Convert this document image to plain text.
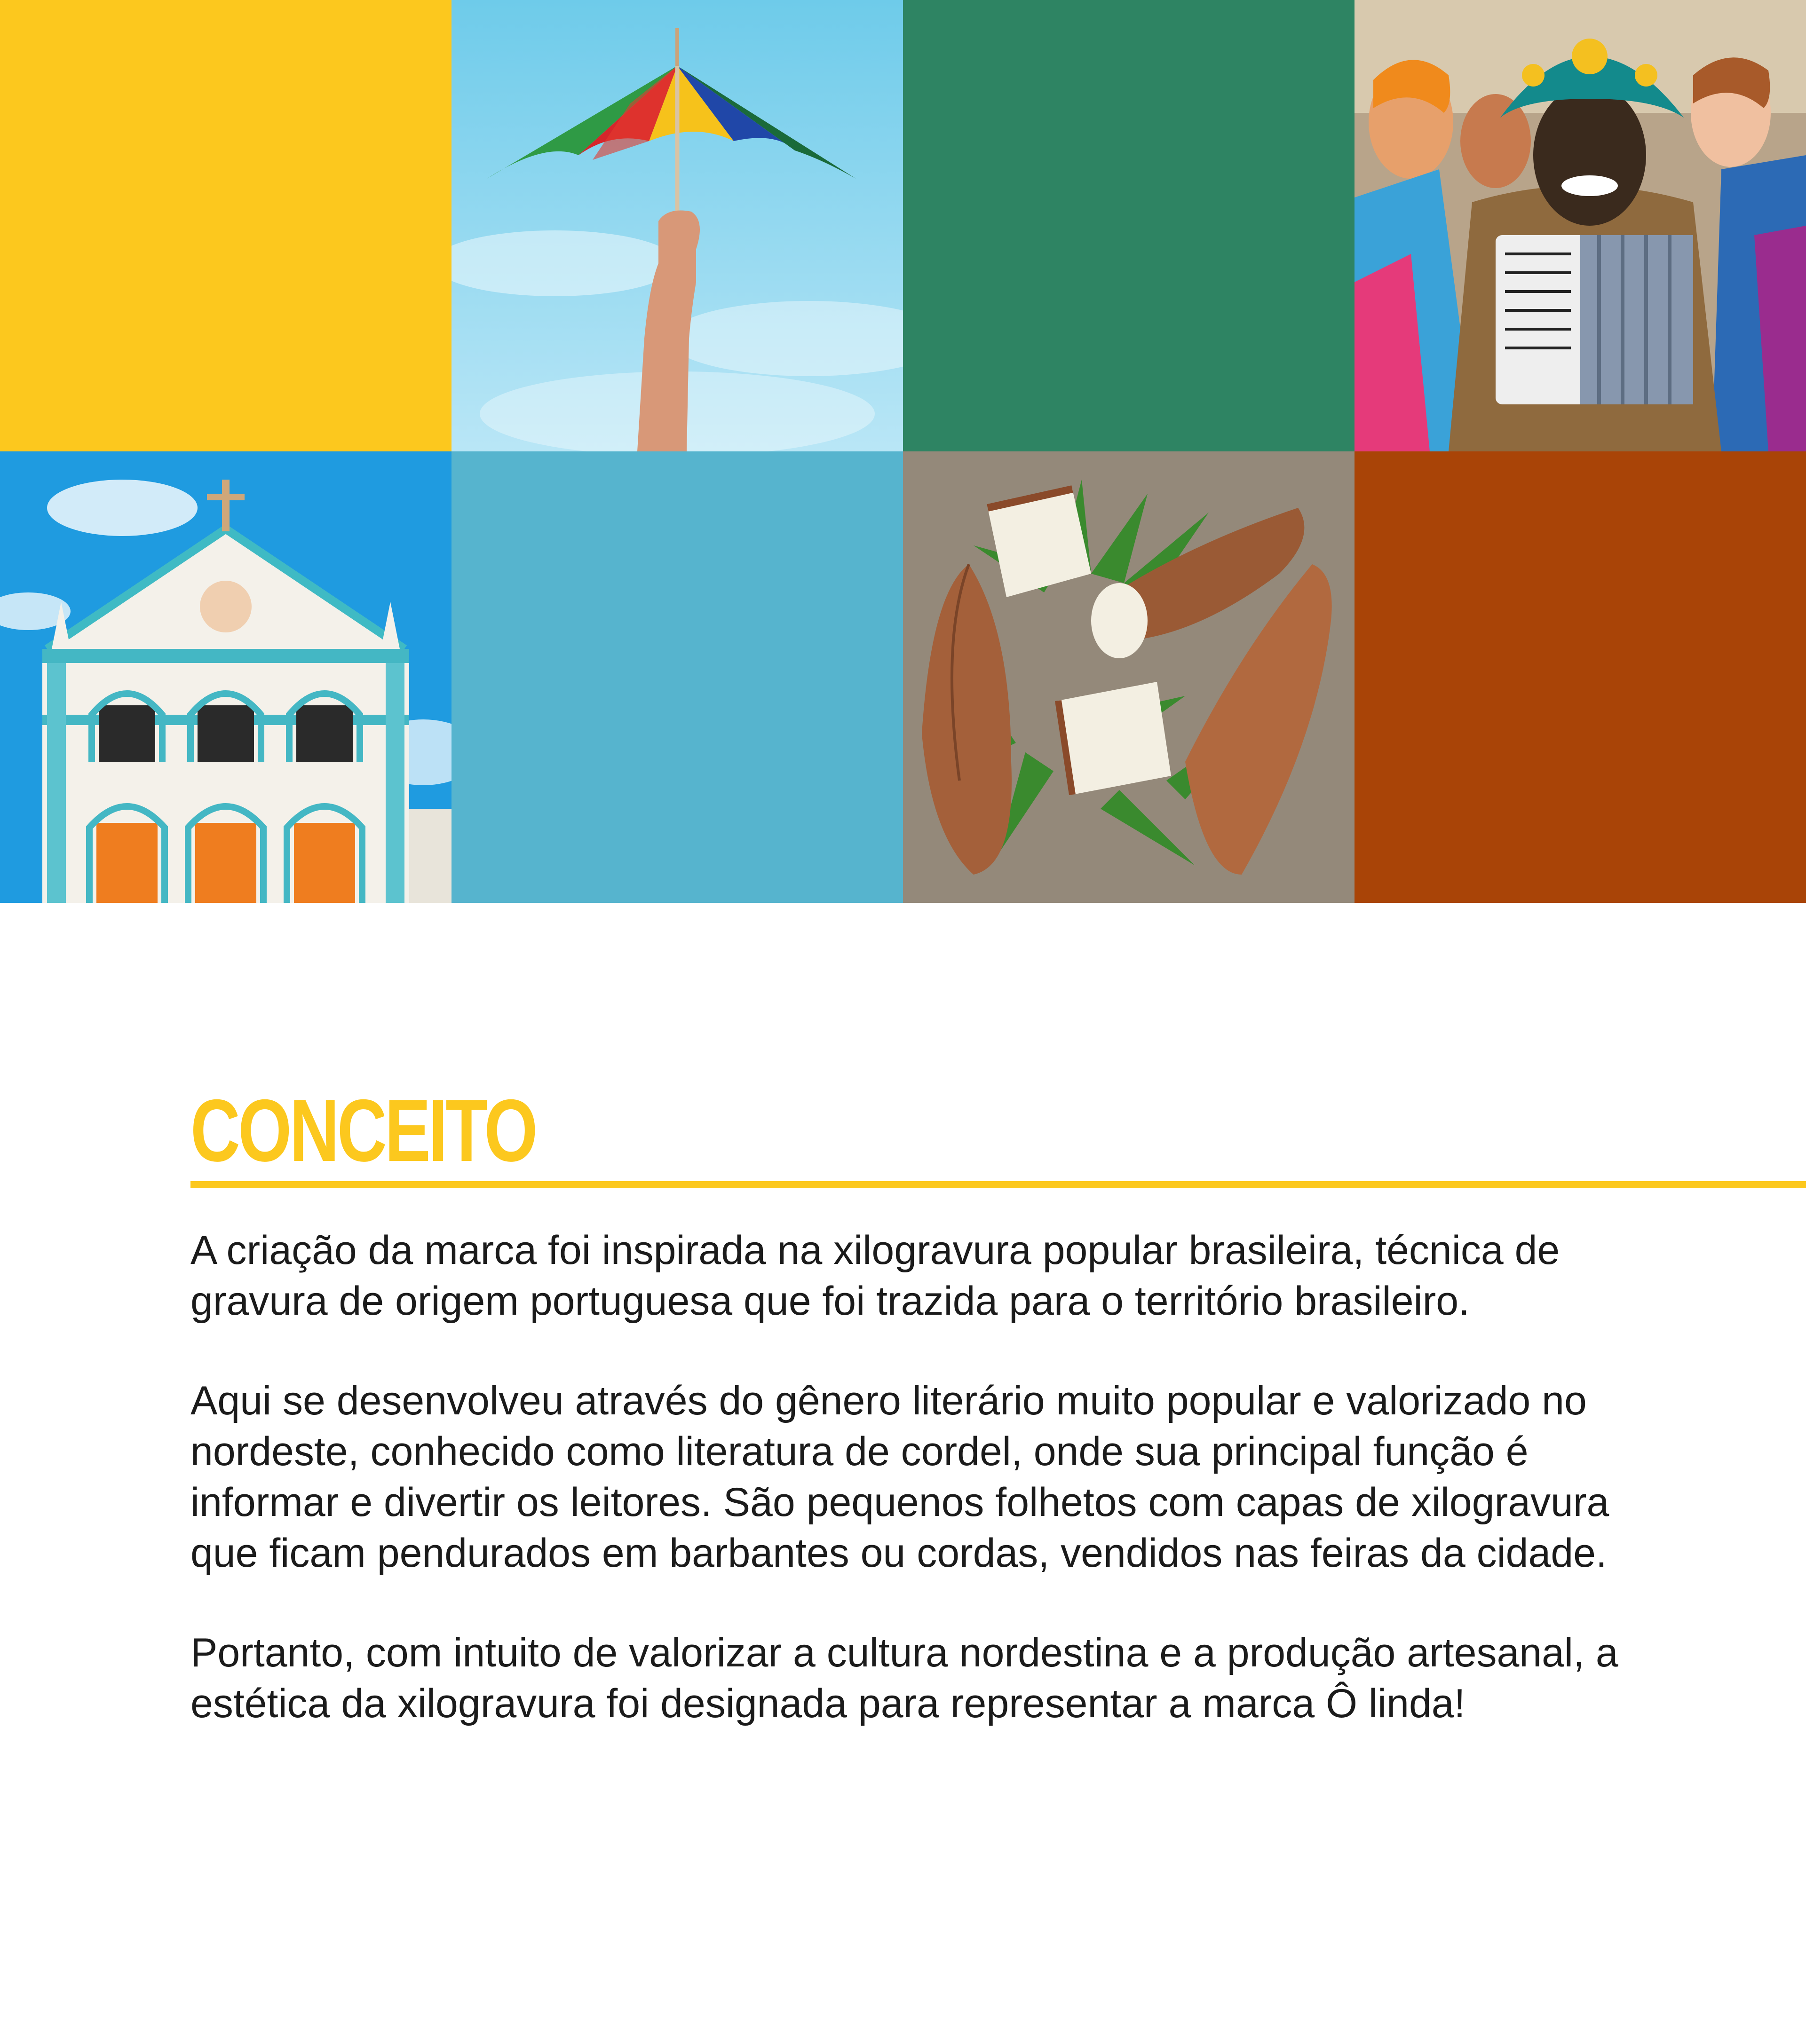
CONCEITO

A criação da marca foi inspirada na xilogravura popular brasileira, técnica de gravura de origem portuguesa que foi trazida para o território brasileiro.

Aqui se desenvolveu através do gênero literário muito popular e valorizado no nordeste, conhecido como literatura de cordel, onde sua principal função é informar e divertir os leitores. São pequenos folhetos com capas de xilogravura que ficam pendurados em barbantes ou cordas, vendidos nas feiras da cidade.

Portanto, com intuito de valorizar a cultura nordestina e a produção artesanal, a estética da xilogravura foi designada para representar a marca Ô linda!
